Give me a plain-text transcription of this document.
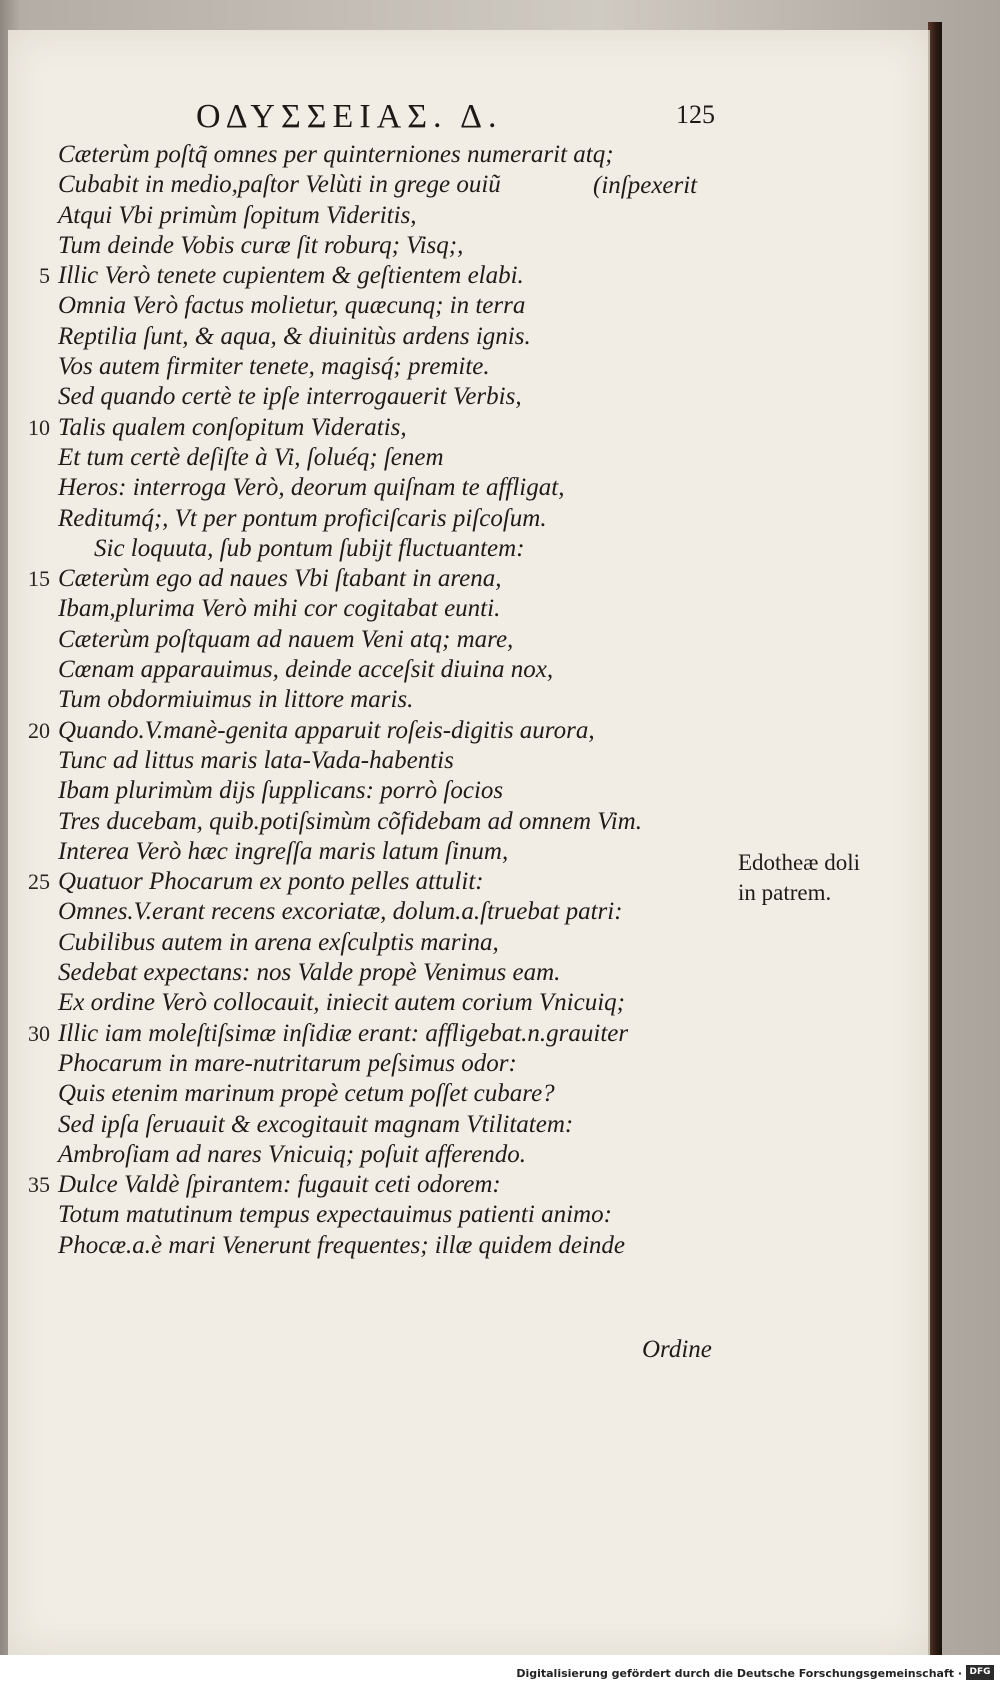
ΟΔΥΣΣΕΙΑΣ. Δ.	125
(inſpexerit
Cæterùm poſtq̃ omnes per quinterniones numerarit atq;
Cubabit in medio,paſtor Velùti in grege ouiũ
Atqui Vbi primùm ſopitum Videritis,
Tum deinde Vobis curæ ſit roburq; Visq;,
5 Illic Verò tenete cupientem & geſtientem elabi.
Omnia Verò factus molietur, quæcunq; in terra
Reptilia ſunt, & aqua, & diuinitùs ardens ignis.
Vos autem firmiter tenete, magisq́; premite.
Sed quando certè te ipſe interrogauerit Verbis,
10 Talis qualem conſopitum Videratis,
Et tum certè deſiſte à Vi, ſoluéq; ſenem
Heros: interroga Verò, deorum quiſnam te affligat,
Reditumq́;, Vt per pontum proficiſcaris piſcoſum.
Sic loquuta, ſub pontum ſubijt fluctuantem:
15 Cæterùm ego ad naues Vbi ſtabant in arena,
Ibam,plurima Verò mihi cor cogitabat eunti.
Cæterùm poſtquam ad nauem Veni atq; mare,
Cœnam apparauimus, deinde acceſsit diuina nox,
Tum obdormiuimus in littore maris.
20 Quando.V.manè-genita apparuit roſeis-digitis aurora,
Tunc ad littus maris lata-Vada-habentis
Ibam plurimùm dijs ſupplicans: porrò ſocios
Tres ducebam, quib.potiſsimùm cõfidebam ad omnem Vim.
Interea Verò hæc ingreſſa maris latum ſinum,
25 Quatuor Phocarum ex ponto pelles attulit:
Omnes.V.erant recens excoriatæ, dolum.a.ſtruebat patri:
Cubilibus autem in arena exſculptis marina,
Sedebat expectans: nos Valde propè Venimus eam.
Ex ordine Verò collocauit, iniecit autem corium Vnicuiq;
30 Illic iam moleſtiſsimæ inſidiæ erant: affligebat.n.grauiter
Phocarum in mare-nutritarum peſsimus odor:
Quis etenim marinum propè cetum poſſet cubare?
Sed ipſa ſeruauit & excogitauit magnam Vtilitatem:
Ambroſiam ad nares Vnicuiq; poſuit afferendo.
35 Dulce Valdè ſpirantem: fugauit ceti odorem:
Totum matutinum tempus expectauimus patienti animo:
Phocæ.a.è mari Venerunt frequentes; illæ quidem deinde
Ordine
Edotheæ doli
in patrem.
Digitalisierung gefördert durch die Deutsche Forschungsgemeinschaft · DFG
